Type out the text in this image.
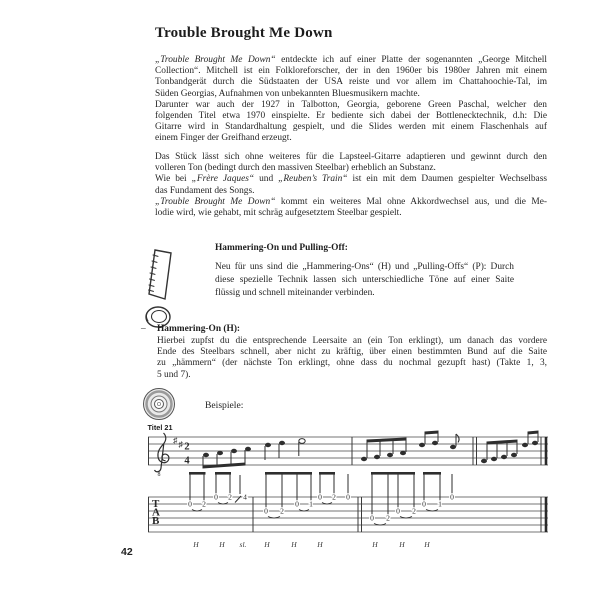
Trouble Brought Me Down
„Trouble Brought Me Down“ entdeckte ich auf einer Platte der sogenannten „George Mitchell
Collection“. Mitchell ist ein Folkloreforscher, der in den 1960er bis 1980er Jahren mit einem
Tonbandgerät durch die Südstaaten der USA reiste und vor allem im Chattahoochie-Tal, im
Süden Georgias, Aufnahmen von unbekannten Bluesmusikern machte.
Darunter war auch der 1927 in Talbotton, Georgia, geborene Green Paschal, welcher den
folgenden Titel etwa 1970 einspielte. Er bediente sich dabei der Bottlenecktechnik, d.h: Die
Gitarre wird in Standardhaltung gespielt, und die Slides werden mit einem Flaschenhals auf
einem Finger der Greifhand erzeugt.
Das Stück lässt sich ohne weiteres für die Lapsteel-Gitarre adaptieren und gewinnt durch den
volleren Ton (bedingt durch den massiven Steelbar) erheblich an Substanz.
Wie bei „Frère Jaques“ und „Reuben’s Train“ ist ein mit dem Daumen gespielter Wechselbass
das Fundament des Songs.
„Trouble Brought Me Down“ kommt ein weiteres Mal ohne Akkordwechsel aus, und die Me-
lodie wird, wie gehabt, mit schräg aufgesetztem Steelbar gespielt.
Hammering-On und Pulling-Off:
Neu für uns sind die „Hammering-Ons“ (H) und „Pulling-Offs“ (P): Durch
diese spezielle Technik lassen sich unterschiedliche Töne auf einer Saite
flüssig und schnell miteinander verbinden.
– Hammering-On (H):
Hierbei zupfst du die entsprechende Leersaite an (ein Ton erklingt), um danach das vordere
Ende des Steelbars schnell, aber nicht zu kräftig, über einen bestimmten Bund auf die Saite
zu „hämmern“ (der nächste Ton erklingt, ohne dass du nochmal gezupft hast) (Takte 1, 3,
5 und 7).
Titel 21
Beispiele:
8
♯ ♯ 2
4
T
A
B
0 2
0 2 4
0 2
0 1
0 2 0
0 2
0 2
0 1
0
H	H sl. H	H	H	H	H	H
42
